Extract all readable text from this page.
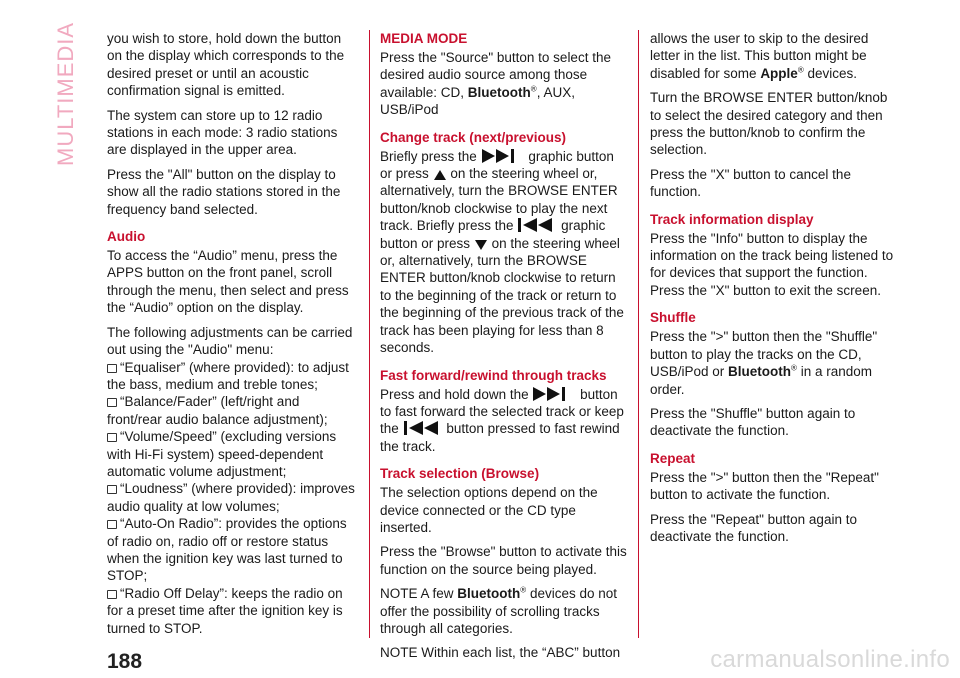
MULTIMEDIA you wish to store, hold down the button on the display which corresponds to the desired preset or until an acoustic confirmation signal is emitted.

The system can store up to 12 radio stations in each mode: 3 radio stations are displayed in the upper area.

Press the "All" button on the display to show all the radio stations stored in the frequency band selected.

Audio

To access the “Audio” menu, press the APPS button on the front panel, scroll through the menu, then select and press the “Audio” option on the display.

The following adjustments can be carried out using the "Audio" menu:

“Equaliser” (where provided): to adjust the bass, medium and treble tones;
“Balance/Fader” (left/right and front/rear audio balance adjustment);
“Volume/Speed” (excluding versions with Hi-Fi system) speed-dependent automatic volume adjustment;
“Loudness” (where provided): improves audio quality at low volumes;
“Auto-On Radio”: provides the options of radio on, radio off or restore status when the ignition key was last turned to STOP;
“Radio Off Delay”: keeps the radio on for a preset time after the ignition key is turned to STOP.
MEDIA MODE

Press the "Source" button to select the desired audio source among those available: CD, Bluetooth®, AUX, USB/iPod

Change track (next/previous)

Briefly press the	graphic button or press on the steering wheel or, alternatively, turn the BROWSE ENTER button/knob clockwise to play the next track. Briefly press the	graphic button or press on the steering wheel or, alternatively, turn the BROWSE ENTER button/knob clockwise to return to the beginning of the track or return to the beginning of the previous track of the track has been playing for less than 8 seconds.

Fast forward/rewind through tracks

Press and hold down the	button to fast forward the selected track or keep the	button pressed to fast rewind the track.

Track selection (Browse)

The selection options depend on the device connected or the CD type inserted.

Press the "Browse" button to activate this function on the source being played.

NOTE A few Bluetooth® devices do not offer the possibility of scrolling tracks through all categories.

NOTE Within each list, the “ABC” button

allows the user to skip to the desired letter in the list. This button might be disabled for some Apple® devices.

Turn the BROWSE ENTER button/knob to select the desired category and then press the button/knob to confirm the selection.

Press the "X" button to cancel the function.

Track information display

Press the "Info" button to display the information on the track being listened to for devices that support the function. Press the "X" button to exit the screen.

Shuffle

Press the ">" button then the "Shuffle" button to play the tracks on the CD, USB/iPod or Bluetooth® in a random order.

Press the "Shuffle" button again to deactivate the function.

Repeat

Press the ">" button then the "Repeat" button to activate the function.

Press the "Repeat" button again to deactivate the function.

188	carmanualsonline.info
